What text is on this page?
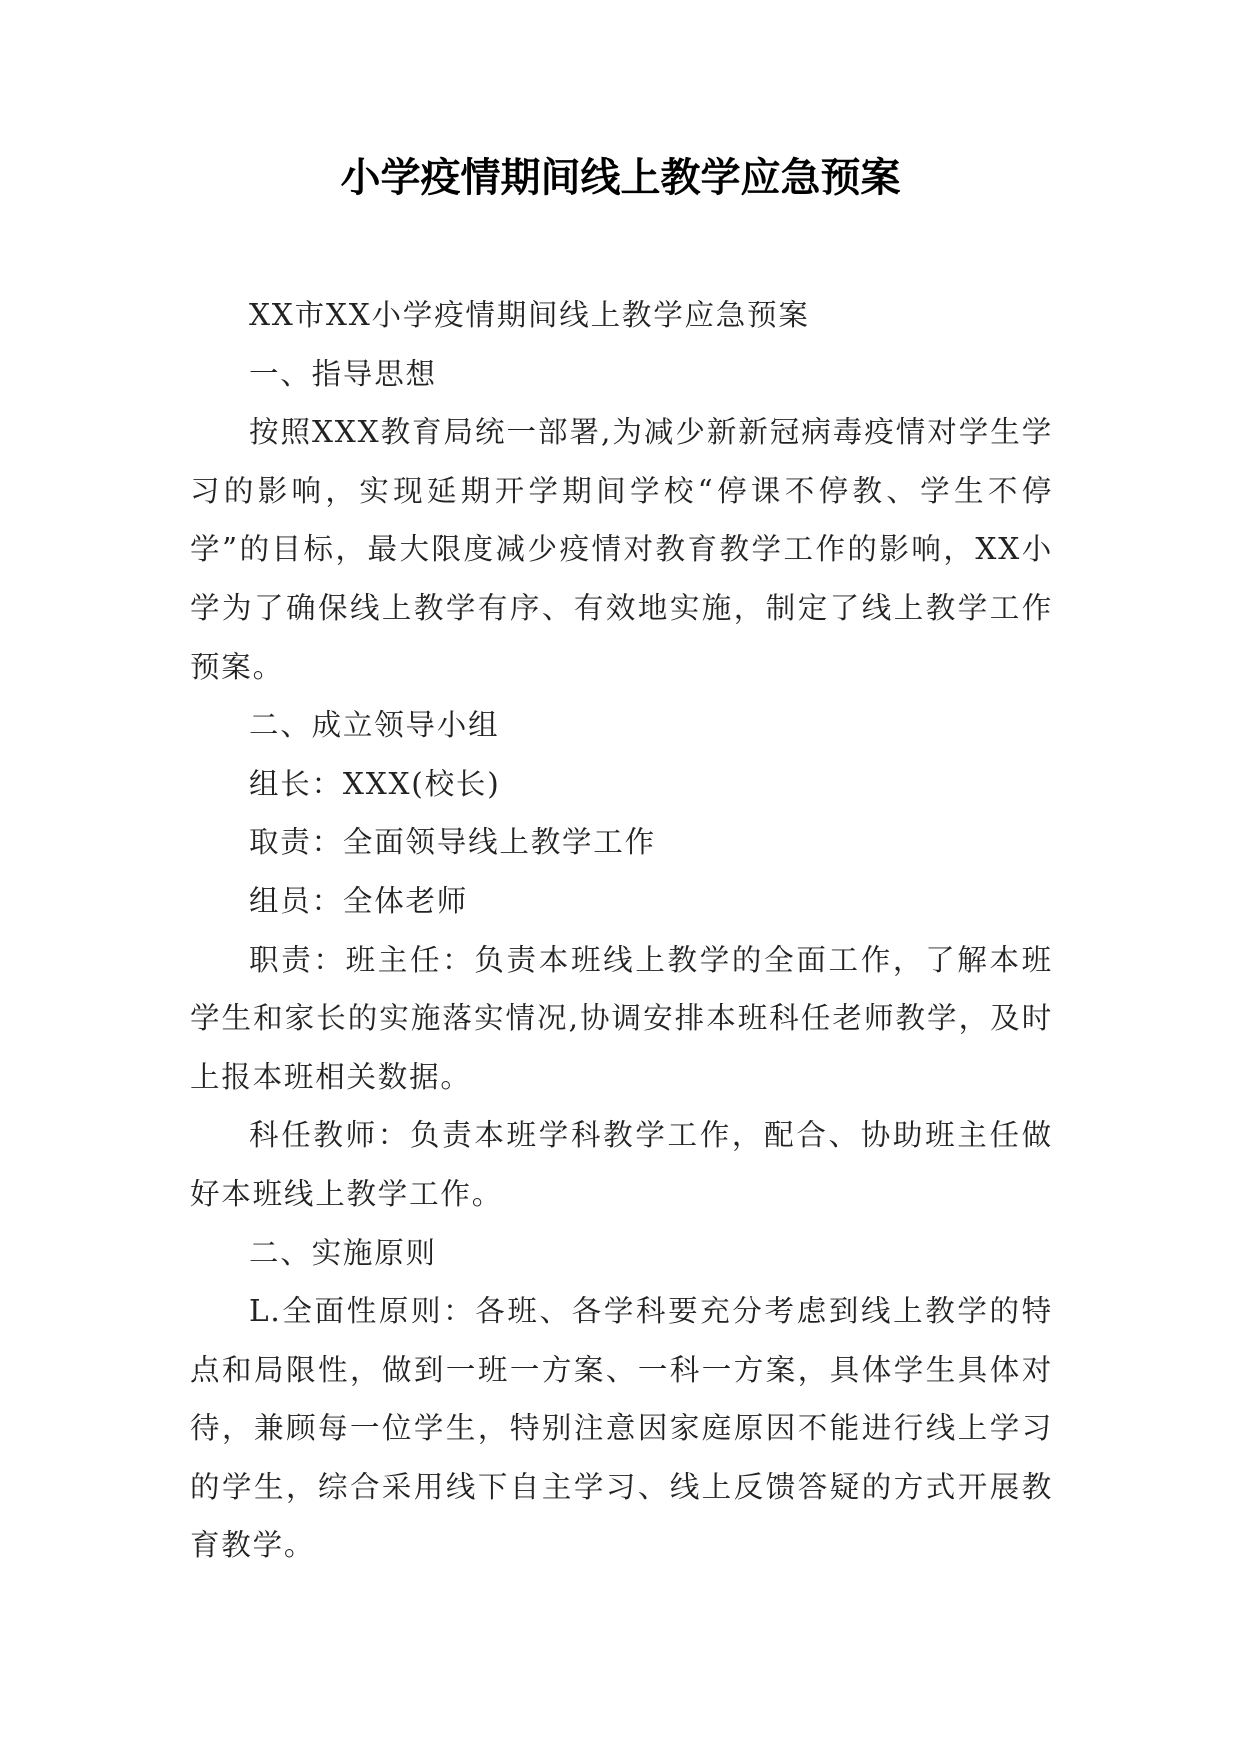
小学疫情期间线上教学应急预案

XX市XX小学疫情期间线上教学应急预案

一、指导思想

按照XXX教育局统一部署,为减少新新冠病毒疫情对学生学习的影响，实现延期开学期间学校“停课不停教、学生不停学”的目标，最大限度减少疫情对教育教学工作的影响，XX小学为了确保线上教学有序、有效地实施，制定了线上教学工作预案。

二、成立领导小组

组长：XXX(校长)

取责：全面领导线上教学工作

组员：全体老师

职责：班主任：负责本班线上教学的全面工作，了解本班学生和家长的实施落实情况,协调安排本班科任老师教学，及时上报本班相关数据。

科任教师：负责本班学科教学工作，配合、协助班主任做好本班线上教学工作。

二、实施原则

L.全面性原则：各班、各学科要充分考虑到线上教学的特点和局限性，做到一班一方案、一科一方案，具体学生具体对待，兼顾每一位学生，特别注意因家庭原因不能进行线上学习的学生，综合采用线下自主学习、线上反馈答疑的方式开展教育教学。
